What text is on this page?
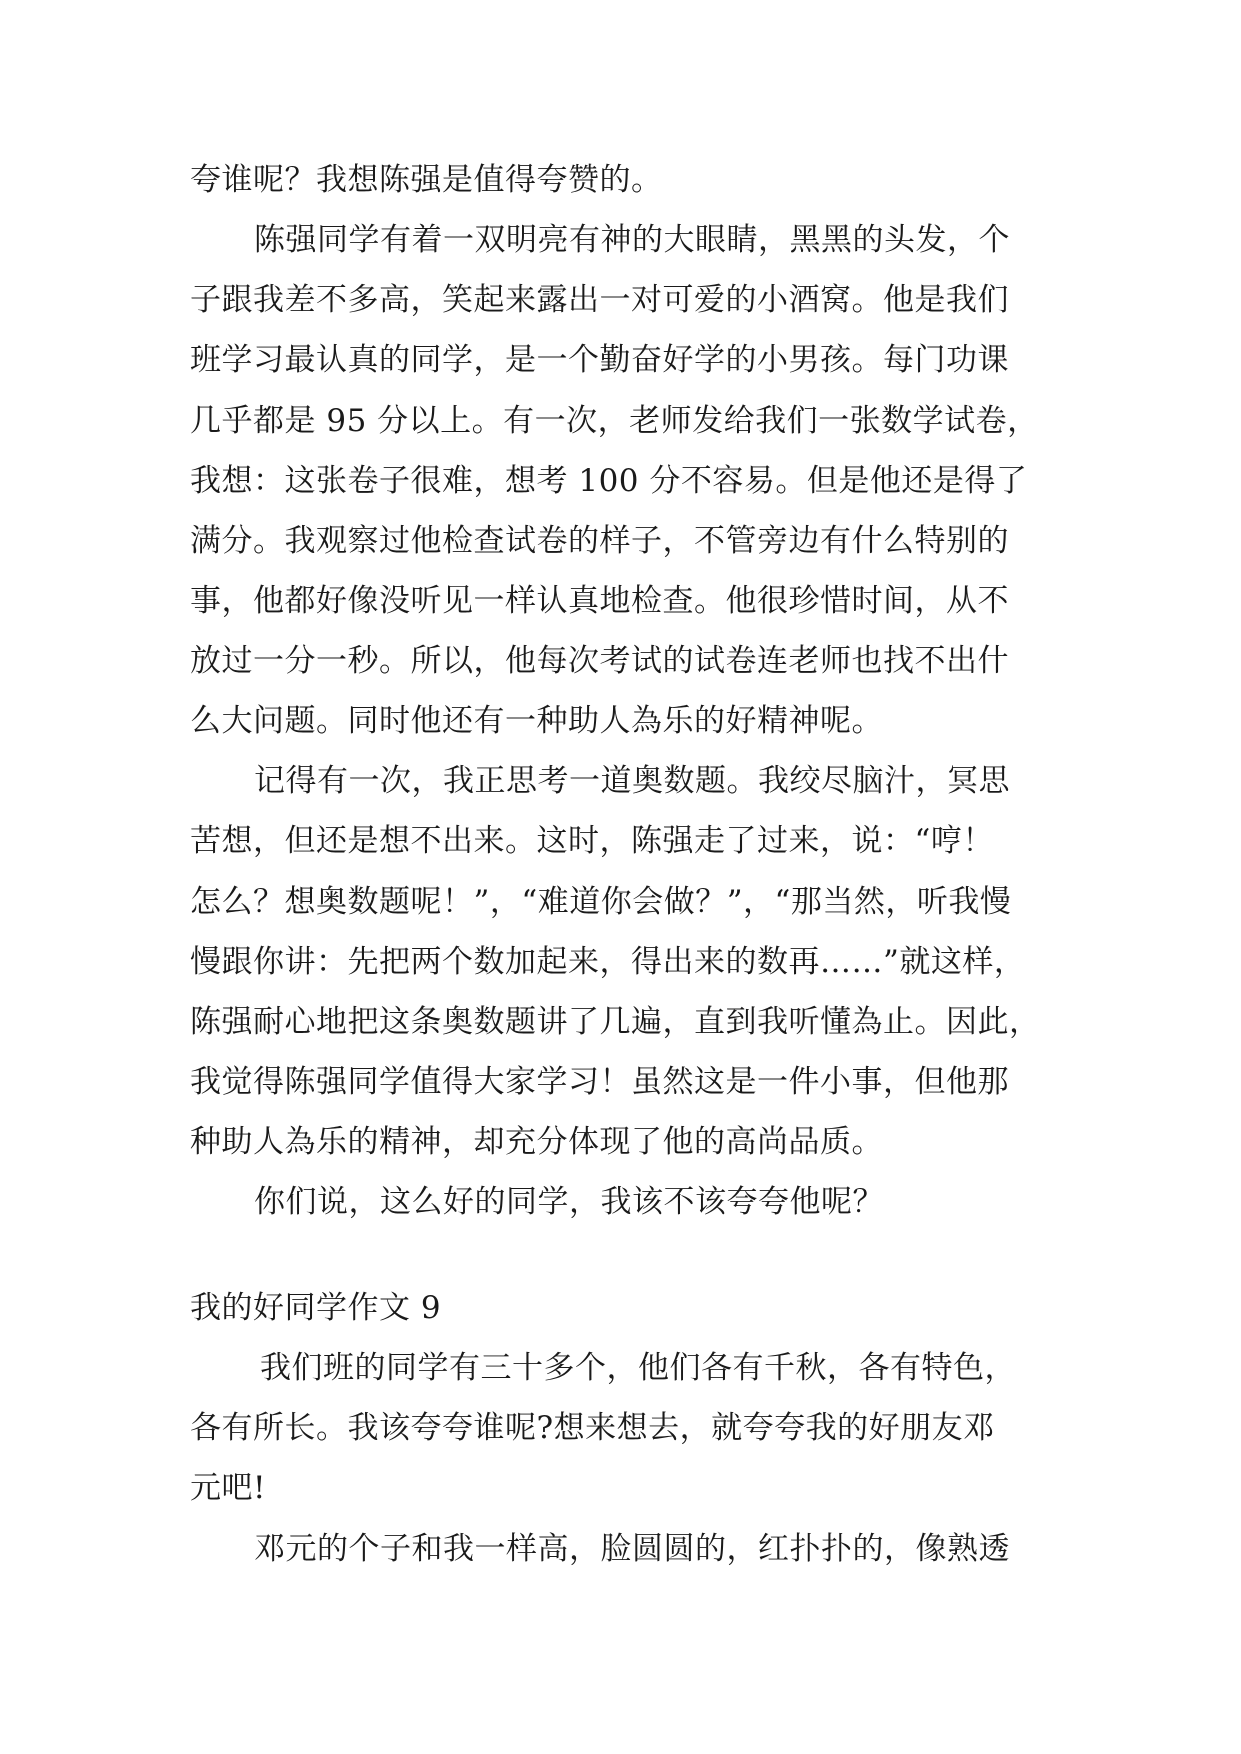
夸谁呢？我想陈强是值得夸赞的。
陈强同学有着一双明亮有神的大眼睛，黑黑的头发，个
子跟我差不多高，笑起来露出一对可爱的小酒窝。他是我们
班学习最认真的同学，是一个勤奋好学的小男孩。每门功课
几乎都是 95 分以上。有一次，老师发给我们一张数学试卷，
我想：这张卷子很难，想考 100 分不容易。但是他还是得了
满分。我观察过他检查试卷的样子，不管旁边有什么特别的
事，他都好像没听见一样认真地检查。他很珍惜时间，从不
放过一分一秒。所以，他每次考试的试卷连老师也找不出什
么大问题。同时他还有一种助人為乐的好精神呢。
记得有一次，我正思考一道奥数题。我绞尽脑汁，冥思
苦想，但还是想不出来。这时，陈强走了过来，说：“哼！
怎么？想奥数题呢！”，“难道你会做？”，“那当然，听我慢
慢跟你讲：先把两个数加起来，得出来的数再……”就这样，
陈强耐心地把这条奥数题讲了几遍，直到我听懂為止。因此，
我觉得陈强同学值得大家学习！虽然这是一件小事，但他那
种助人為乐的精神，却充分体现了他的高尚品质。
你们说，这么好的同学，我该不该夸夸他呢？
我的好同学作文 9
我们班的同学有三十多个，他们各有千秋，各有特色，
各有所长。我该夸夸谁呢?想来想去，就夸夸我的好朋友邓
元吧!
邓元的个子和我一样高，脸圆圆的，红扑扑的，像熟透
